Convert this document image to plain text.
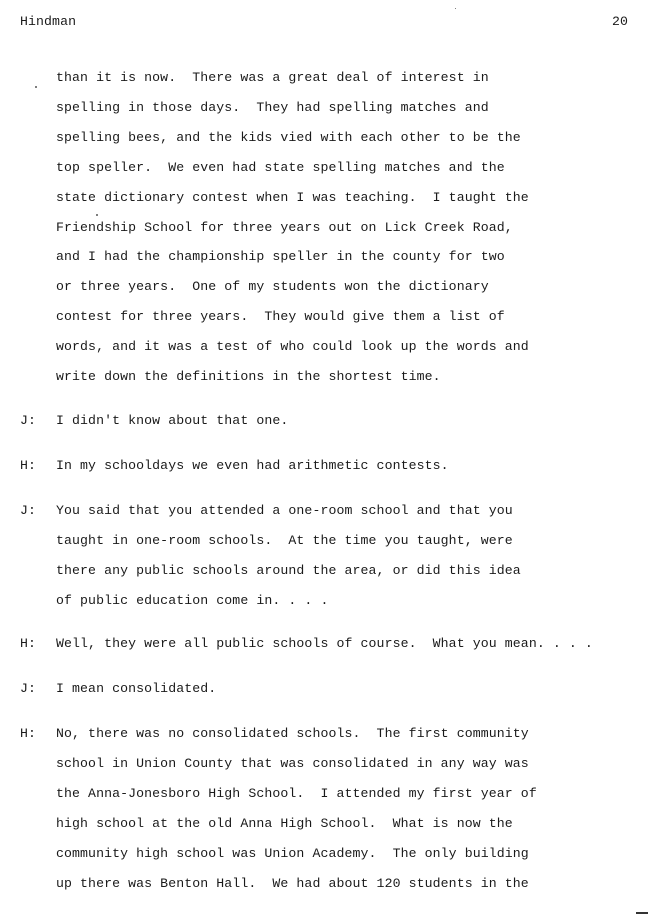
Hindman	20
than it is now.  There was a great deal of interest in
spelling in those days.  They had spelling matches and
spelling bees, and the kids vied with each other to be the
top speller.  We even had state spelling matches and the
state dictionary contest when I was teaching.  I taught the
Friendship School for three years out on Lick Creek Road,
and I had the championship speller in the county for two
or three years.  One of my students won the dictionary
contest for three years.  They would give them a list of
words, and it was a test of who could look up the words and
write down the definitions in the shortest time.
J: I didn't know about that one.
H: In my schooldays we even had arithmetic contests.
J: You said that you attended a one-room school and that you
taught in one-room schools.  At the time you taught, were
there any public schools around the area, or did this idea
of public education come in. . . .
H: Well, they were all public schools of course.  What you mean. . . .
J: I mean consolidated.
H: No, there was no consolidated schools.  The first community
school in Union County that was consolidated in any way was
the Anna-Jonesboro High School.  I attended my first year of
high school at the old Anna High School.  What is now the
community high school was Union Academy.  The only building
up there was Benton Hall.  We had about 120 students in the
